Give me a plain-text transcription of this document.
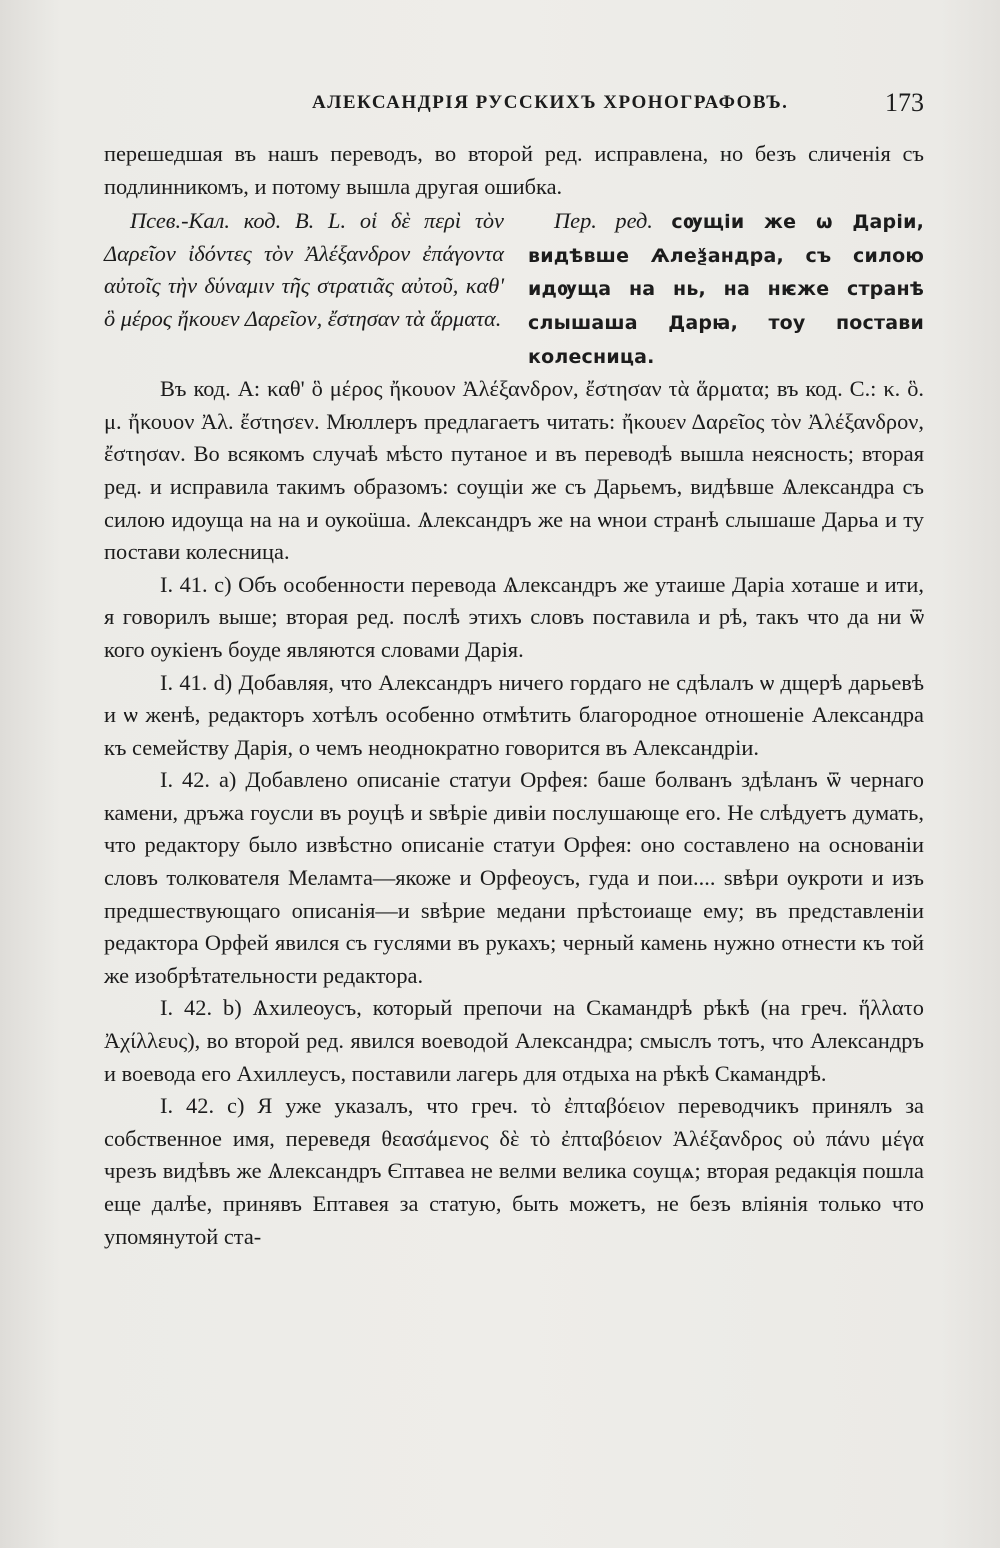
АЛЕКСАНДРІЯ РУССКИХЪ ХРОНОГРАФОВЪ.	173

перешедшая въ нашъ переводъ, во второй ред. исправлена, но безъ сличенія съ подлинникомъ, и потому вышла другая ошибка.

Псев.-Кал. код. B. L. οἱ δὲ περὶ τὸν Δαρεῖον ἰδόντες τὸν Ἀλέξανδρον ἐπάγοντα αὐτοῖς τὴν δύναμιν τῆς στρατιᾶς αὐτοῦ, καθ' ὃ μέρος ἤκουεν Δαρεῖον, ἔστησαν τὰ ἅρματα.
Пер. ред. сѹщіи же ѡ Даріи, видѣвше Ѧлеѯандра, съ силою идѹща на нь, на нѥже странѣ слышаша Дарꙗ, тоу постави колесница.

Въ код. A: καθ' ὃ μέρος ἤκουον Ἀλέξανδρον, ἔστησαν τὰ ἅρματα; въ код. C.: κ. ὃ. μ. ἤκουον Ἀλ. ἔστησεν. Мюллеръ предлагаетъ читать: ἤκουεν Δαρεῖος τὸν Ἀλέξανδρον, ἔστησαν. Во всякомъ случаѣ мѣсто путаное и въ переводѣ вышла неясность; вторая ред. и исправила такимъ образомъ: соущіи же съ Дарьемъ, видѣвше Ѧлександра съ силою идоуща на на и оукоüша. Ѧлександръ же на ѡнои странѣ слышаше Дарьа и ту постави колесница.

I. 41. c) Объ особенности перевода Ѧлександръ же утаише Даріа хоташе и ити, я говорилъ выше; вторая ред. послѣ этихъ словъ поставила и рѣ, такъ что да ни ѿ кого оукіенъ боуде являются словами Дарія.

I. 41. d) Добавляя, что Александръ ничего гордаго не сдѣлалъ ѡ дщерѣ дарьевѣ и ѡ женѣ, редакторъ хотѣлъ особенно отмѣтить благородное отношеніе Александра къ семейству Дарія, о чемъ неоднократно говорится въ Александріи.

I. 42. a) Добавлено описаніе статуи Орфея: баше болванъ здѣланъ ѿ чернаго камени, дръжа гоусли въ роуцѣ и ѕвѣріе дивіи послушающе его. Не слѣдуетъ думать, что редактору было извѣстно описаніе статуи Орфея: оно составлено на основаніи словъ толкователя Меламта—якоже и Орфеоусъ, гуда и пои.... ѕвѣри оукроти и изъ предшествующаго описанія—и ѕвѣрие медани прѣстоиаще ему; въ представленіи редактора Орфей явился съ гуслями въ рукахъ; черный камень нужно отнести къ той же изобрѣтательности редактора.

I. 42. b) Ѧхилеоусъ, который препочи на Скамандрѣ рѣкѣ (на греч. ἥλλατο Ἀχίλλευς), во второй ред. явился воеводой Александра; смыслъ тотъ, что Александръ и воевода его Ахиллеусъ, поставили лагерь для отдыха на рѣкѣ Скамандрѣ.

I. 42. c) Я уже указалъ, что греч. τὸ ἐπταβόειον переводчикъ принялъ за собственное имя, переведя θεασάμενος δὲ τὸ ἐπταβόειον Ἀλέξανδρος οὐ πάνυ μέγα чрезъ видѣвъ же Ѧлександръ Єптавеа не велми велика соущѧ; вторая редакція пошла еще далѣе, принявъ Ептавея за статую, быть можетъ, не безъ вліянія только что упомянутой ста-
